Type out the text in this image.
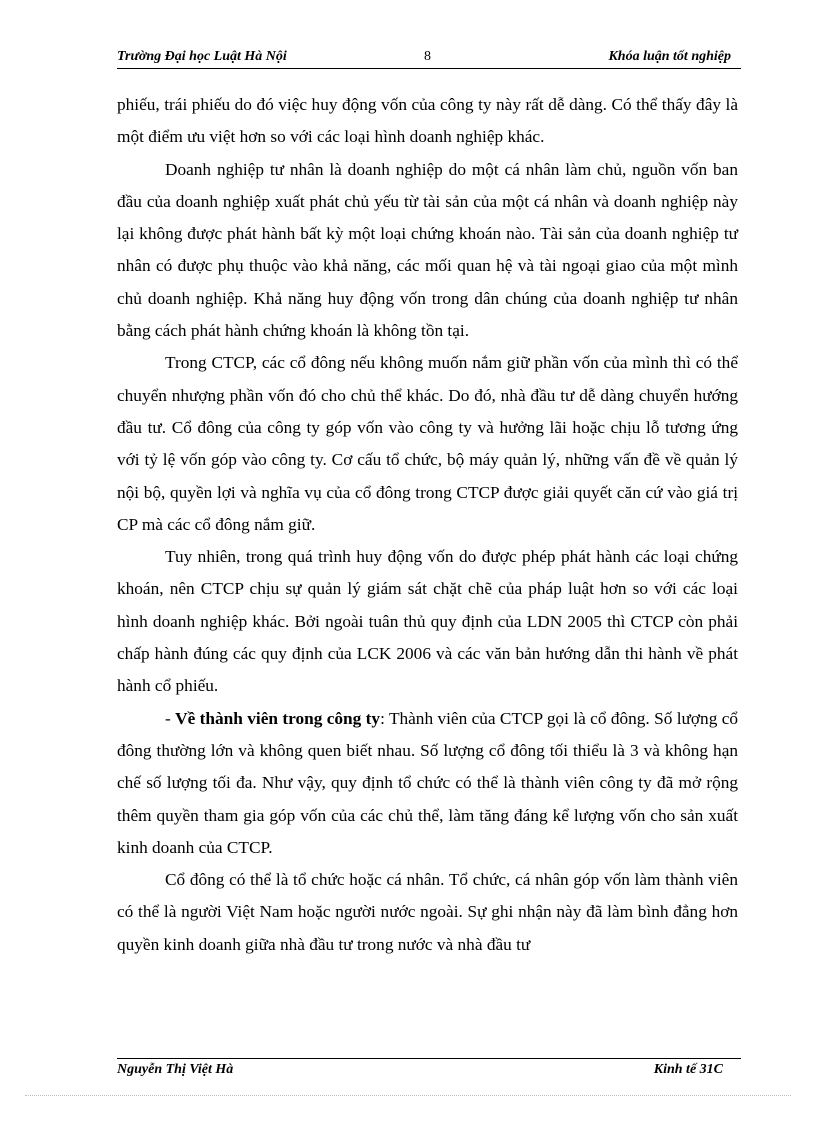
Trường Đại học Luật Hà Nội	8	Khóa luận tốt nghiệp

phiếu, trái phiếu do đó việc huy động vốn của công ty này rất dễ dàng. Có thể thấy đây là một điểm ưu việt hơn so với các loại hình doanh nghiệp khác.

Doanh nghiệp tư nhân là doanh nghiệp do một cá nhân làm chủ, nguồn vốn ban đầu của doanh nghiệp xuất phát chủ yếu từ tài sản của một cá nhân và doanh nghiệp này lại không được phát hành bất kỳ một loại chứng khoán nào. Tài sản của doanh nghiệp tư nhân có được phụ thuộc vào khả năng, các mối quan hệ và tài ngoại giao của một mình chủ doanh nghiệp. Khả năng huy động vốn trong dân chúng của doanh nghiệp tư nhân bằng cách phát hành chứng khoán là không tồn tại.

Trong CTCP, các cổ đông nếu không muốn nắm giữ phần vốn của mình thì có thể chuyển nhượng phần vốn đó cho chủ thể khác. Do đó, nhà đầu tư dễ dàng chuyển hướng đầu tư. Cổ đông của công ty góp vốn vào công ty và hưởng lãi hoặc chịu lỗ tương ứng với tỷ lệ vốn góp vào công ty. Cơ cấu tổ chức, bộ máy quản lý, những vấn đề về quản lý nội bộ, quyền lợi và nghĩa vụ của cổ đông trong CTCP được giải quyết căn cứ vào giá trị CP mà các cổ đông nắm giữ.

Tuy nhiên, trong quá trình huy động vốn do được phép phát hành các loại chứng khoán, nên CTCP chịu sự quản lý giám sát chặt chẽ của pháp luật hơn so với các loại hình doanh nghiệp khác. Bởi ngoài tuân thủ quy định của LDN 2005 thì CTCP còn phải chấp hành đúng các quy định của LCK 2006 và các văn bản hướng dẫn thi hành về phát hành cổ phiếu.

- Về thành viên trong công ty: Thành viên của CTCP gọi là cổ đông. Số lượng cổ đông thường lớn và không quen biết nhau. Số lượng cổ đông tối thiểu là 3 và không hạn chế số lượng tối đa. Như vậy, quy định tổ chức có thể là thành viên công ty đã mở rộng thêm quyền tham gia góp vốn của các chủ thể, làm tăng đáng kể lượng vốn cho sản xuất kinh doanh của CTCP.

Cổ đông có thể là tổ chức hoặc cá nhân. Tổ chức, cá nhân góp vốn làm thành viên có thể là người Việt Nam hoặc người nước ngoài. Sự ghi nhận này đã làm bình đẳng hơn quyền kinh doanh giữa nhà đầu tư trong nước và nhà đầu tư

Nguyễn Thị Việt Hà	Kinh tế 31C
